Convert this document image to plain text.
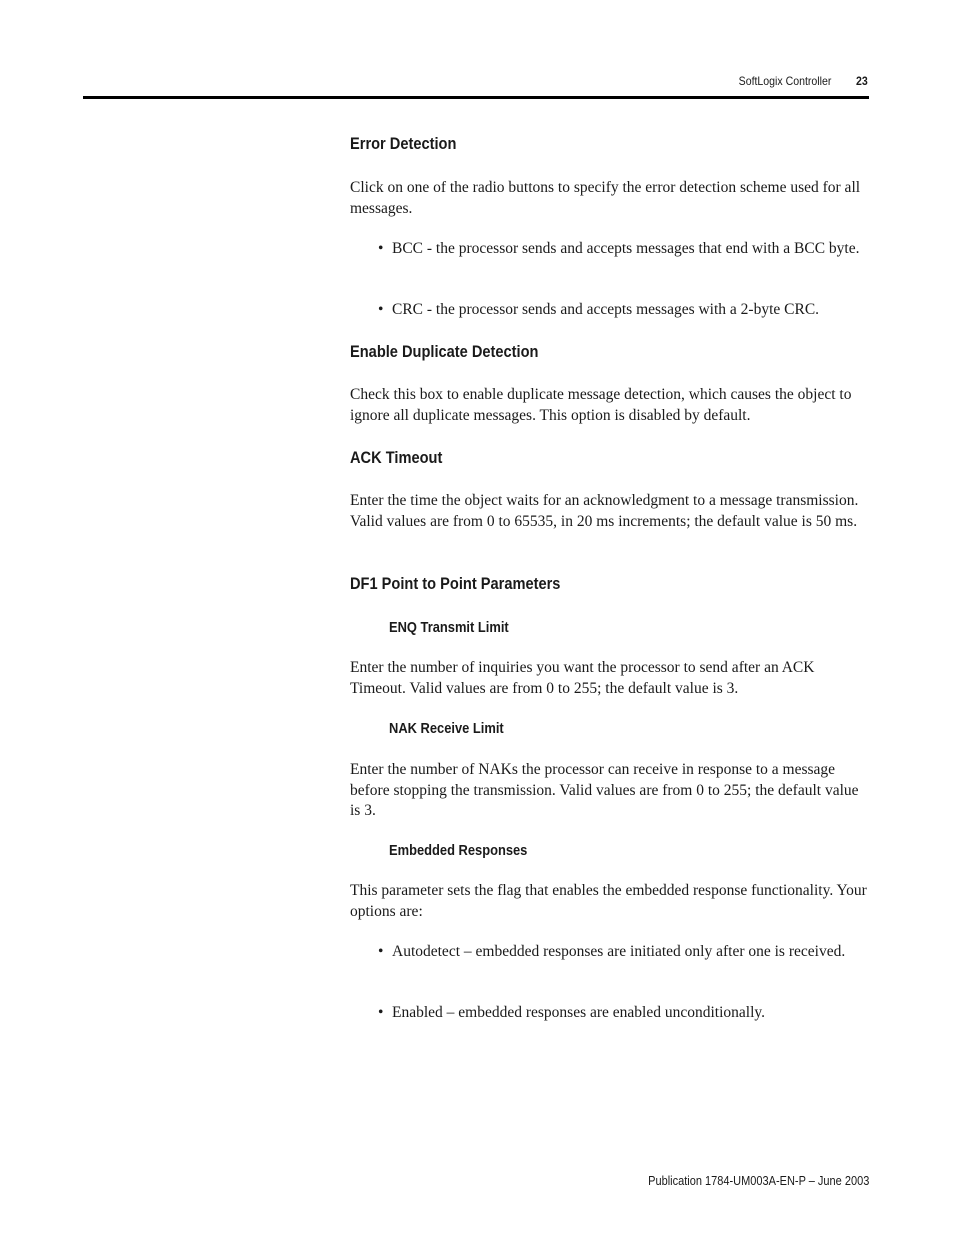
SoftLogix Controller 23
Error Detection

Click on one of the radio buttons to specify the error detection scheme used for all messages.

• BCC - the processor sends and accepts messages that end with a BCC byte.
• CRC - the processor sends and accepts messages with a 2-byte CRC.
Enable Duplicate Detection

Check this box to enable duplicate message detection, which causes the object to ignore all duplicate messages. This option is disabled by default.

ACK Timeout

Enter the time the object waits for an acknowledgment to a message transmission. Valid values are from 0 to 65535, in 20 ms increments; the default value is 50 ms.

DF1 Point to Point Parameters
ENQ Transmit Limit

Enter the number of inquiries you want the processor to send after an ACK Timeout. Valid values are from 0 to 255; the default value is 3.

NAK Receive Limit

Enter the number of NAKs the processor can receive in response to a message before stopping the transmission. Valid values are from 0 to 255; the default value is 3.

Embedded Responses

This parameter sets the flag that enables the embedded response functionality. Your options are:

• Autodetect – embedded responses are initiated only after one is received.
• Enabled – embedded responses are enabled unconditionally.
Publication 1784-UM003A-EN-P – June 2003
